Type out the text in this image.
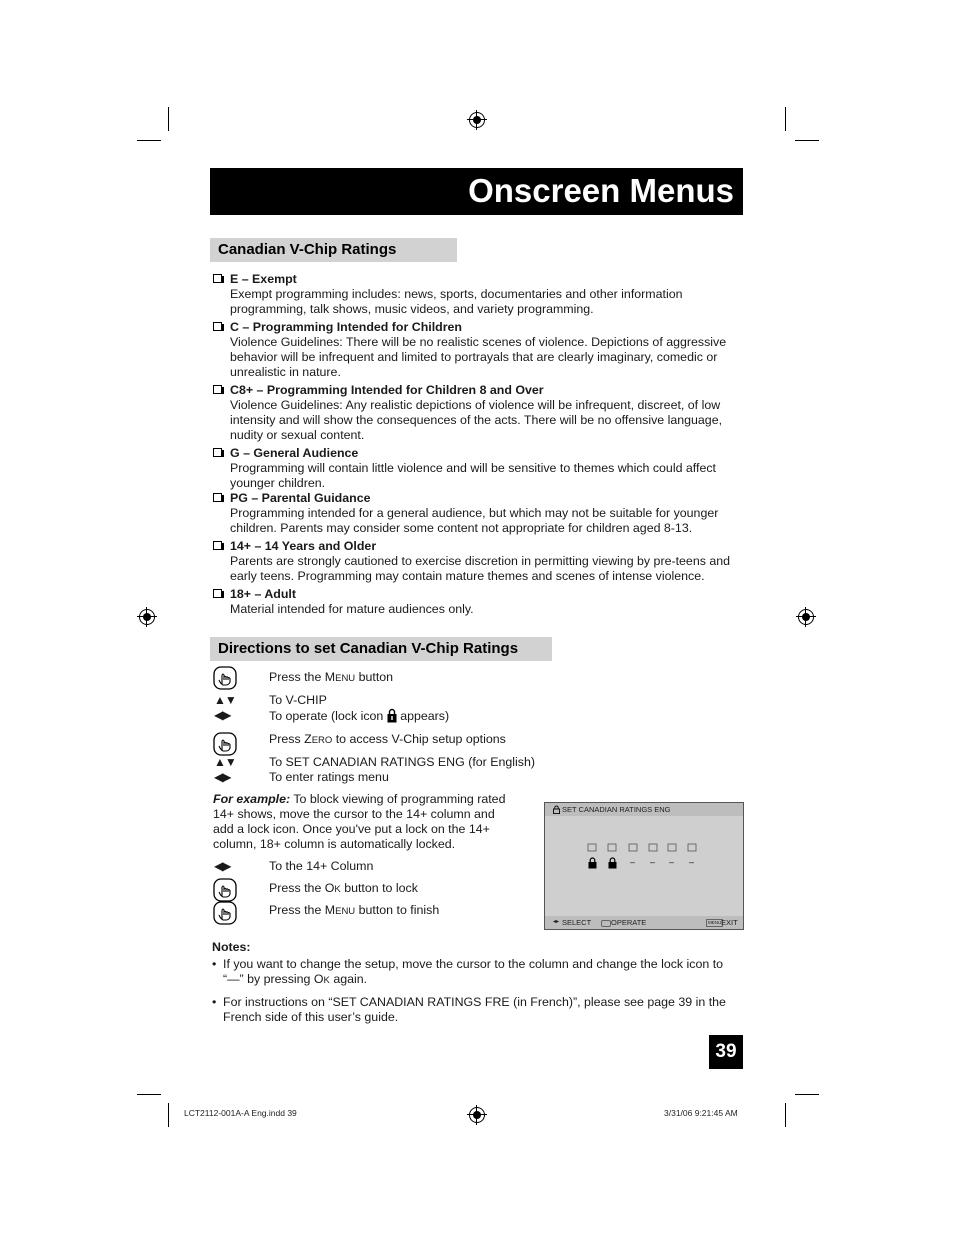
Onscreen Menus
Canadian V-Chip Ratings
E – Exempt
Exempt programming includes: news, sports, documentaries and other information programming, talk shows, music videos, and variety programming.
C – Programming Intended for Children
Violence Guidelines: There will be no realistic scenes of violence. Depictions of aggressive behavior will be infrequent and limited to portrayals that are clearly imaginary, comedic or unrealistic in nature.
C8+ – Programming Intended for Children 8 and Over
Violence Guidelines: Any realistic depictions of violence will be infrequent, discreet, of low intensity and will show the consequences of the acts. There will be no offensive language, nudity or sexual content.
G – General Audience
Programming will contain little violence and will be sensitive to themes which could affect younger children.
PG – Parental Guidance
Programming intended for a general audience, but which may not be suitable for younger children. Parents may consider some content not appropriate for children aged 8-13.
14+ – 14 Years and Older
Parents are strongly cautioned to exercise discretion in permitting viewing by pre-teens and early teens. Programming may contain mature themes and scenes of intense violence.
18+ – Adult
Material intended for mature audiences only.
Directions to set Canadian V-Chip Ratings
Press the MENU button
▲▼	To V-CHIP
◀▶	To operate (lock icon  appears)
Press ZERO to access V-Chip setup options
▲▼	To SET CANADIAN RATINGS ENG (for English)
◀▶	To enter ratings menu
For example: To block viewing of programming rated 14+ shows, move the cursor to the 14+ column and add a lock icon. Once you've put a lock on the 14+ column, 18+ column is automatically locked.
◀▶	To the 14+ Column
Press the OK button to lock
Press the MENU button to finish
SET CANADIAN RATINGS ENG
– – – –
◂▸ SELECT	OPERATE	MENU EXIT
Notes:
• If you want to change the setup, move the cursor to the column and change the lock icon to “—” by pressing OK again.
• For instructions on “SET CANADIAN RATINGS FRE (in French)”, please see page 39 in the French side of this user’s guide.
39
LCT2112-001A-A Eng.indd 39	3/31/06 9:21:45 AM
